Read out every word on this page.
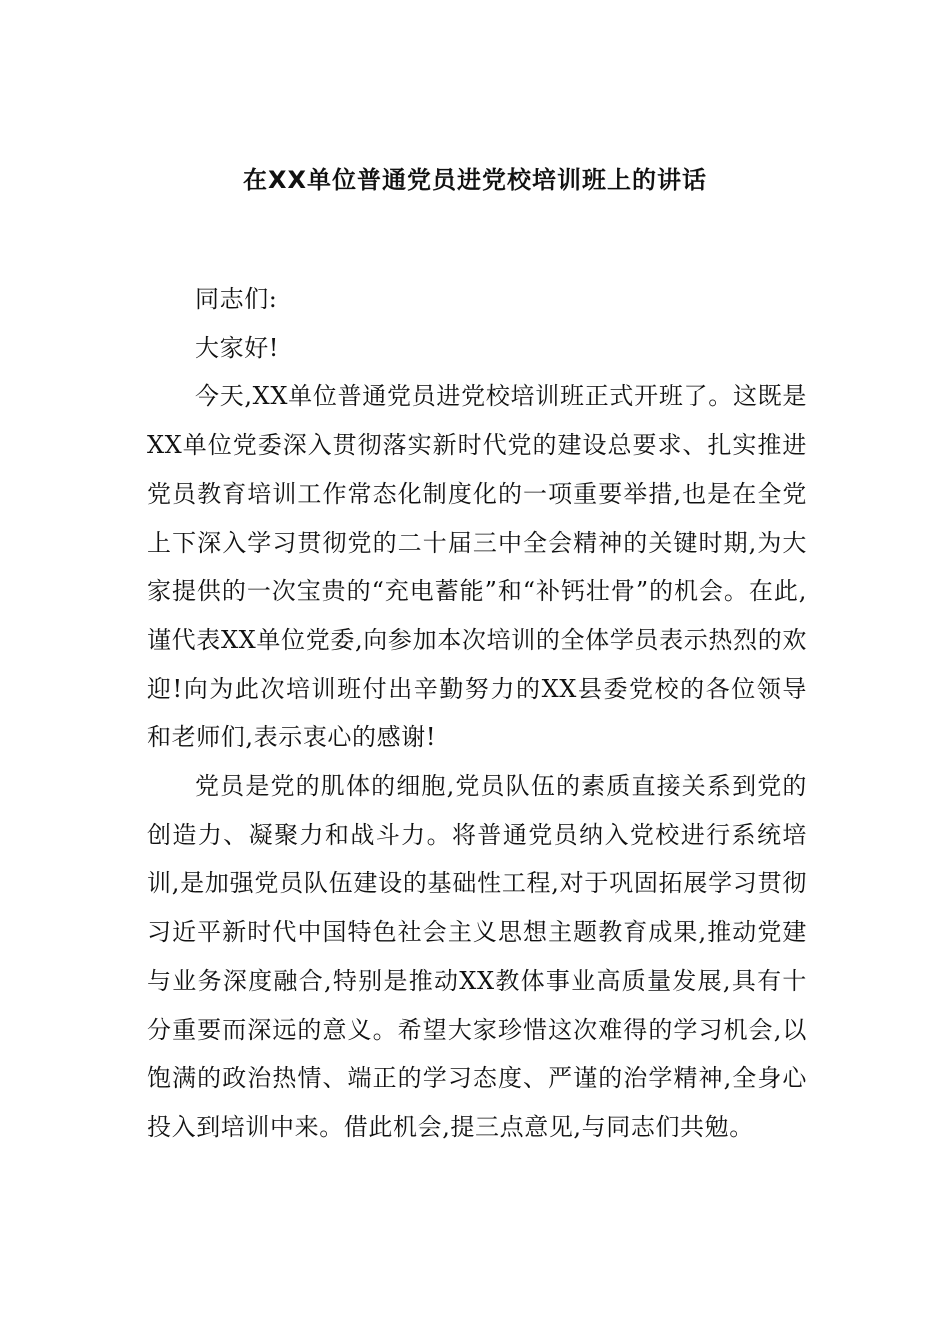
在XX单位普通党员进党校培训班上的讲话

同志们:

大家好!

今天,XX单位普通党员进党校培训班正式开班了。这既是XX单位党委深入贯彻落实新时代党的建设总要求、扎实推进党员教育培训工作常态化制度化的一项重要举措,也是在全党上下深入学习贯彻党的二十届三中全会精神的关键时期,为大家提供的一次宝贵的“充电蓄能”和“补钙壮骨”的机会。在此,谨代表XX单位党委,向参加本次培训的全体学员表示热烈的欢迎!向为此次培训班付出辛勤努力的XX县委党校的各位领导和老师们,表示衷心的感谢!

党员是党的肌体的细胞,党员队伍的素质直接关系到党的创造力、凝聚力和战斗力。将普通党员纳入党校进行系统培训,是加强党员队伍建设的基础性工程,对于巩固拓展学习贯彻习近平新时代中国特色社会主义思想主题教育成果,推动党建与业务深度融合,特别是推动XX教体事业高质量发展,具有十分重要而深远的意义。希望大家珍惜这次难得的学习机会,以饱满的政治热情、端正的学习态度、严谨的治学精神,全身心投入到培训中来。借此机会,提三点意见,与同志们共勉。
